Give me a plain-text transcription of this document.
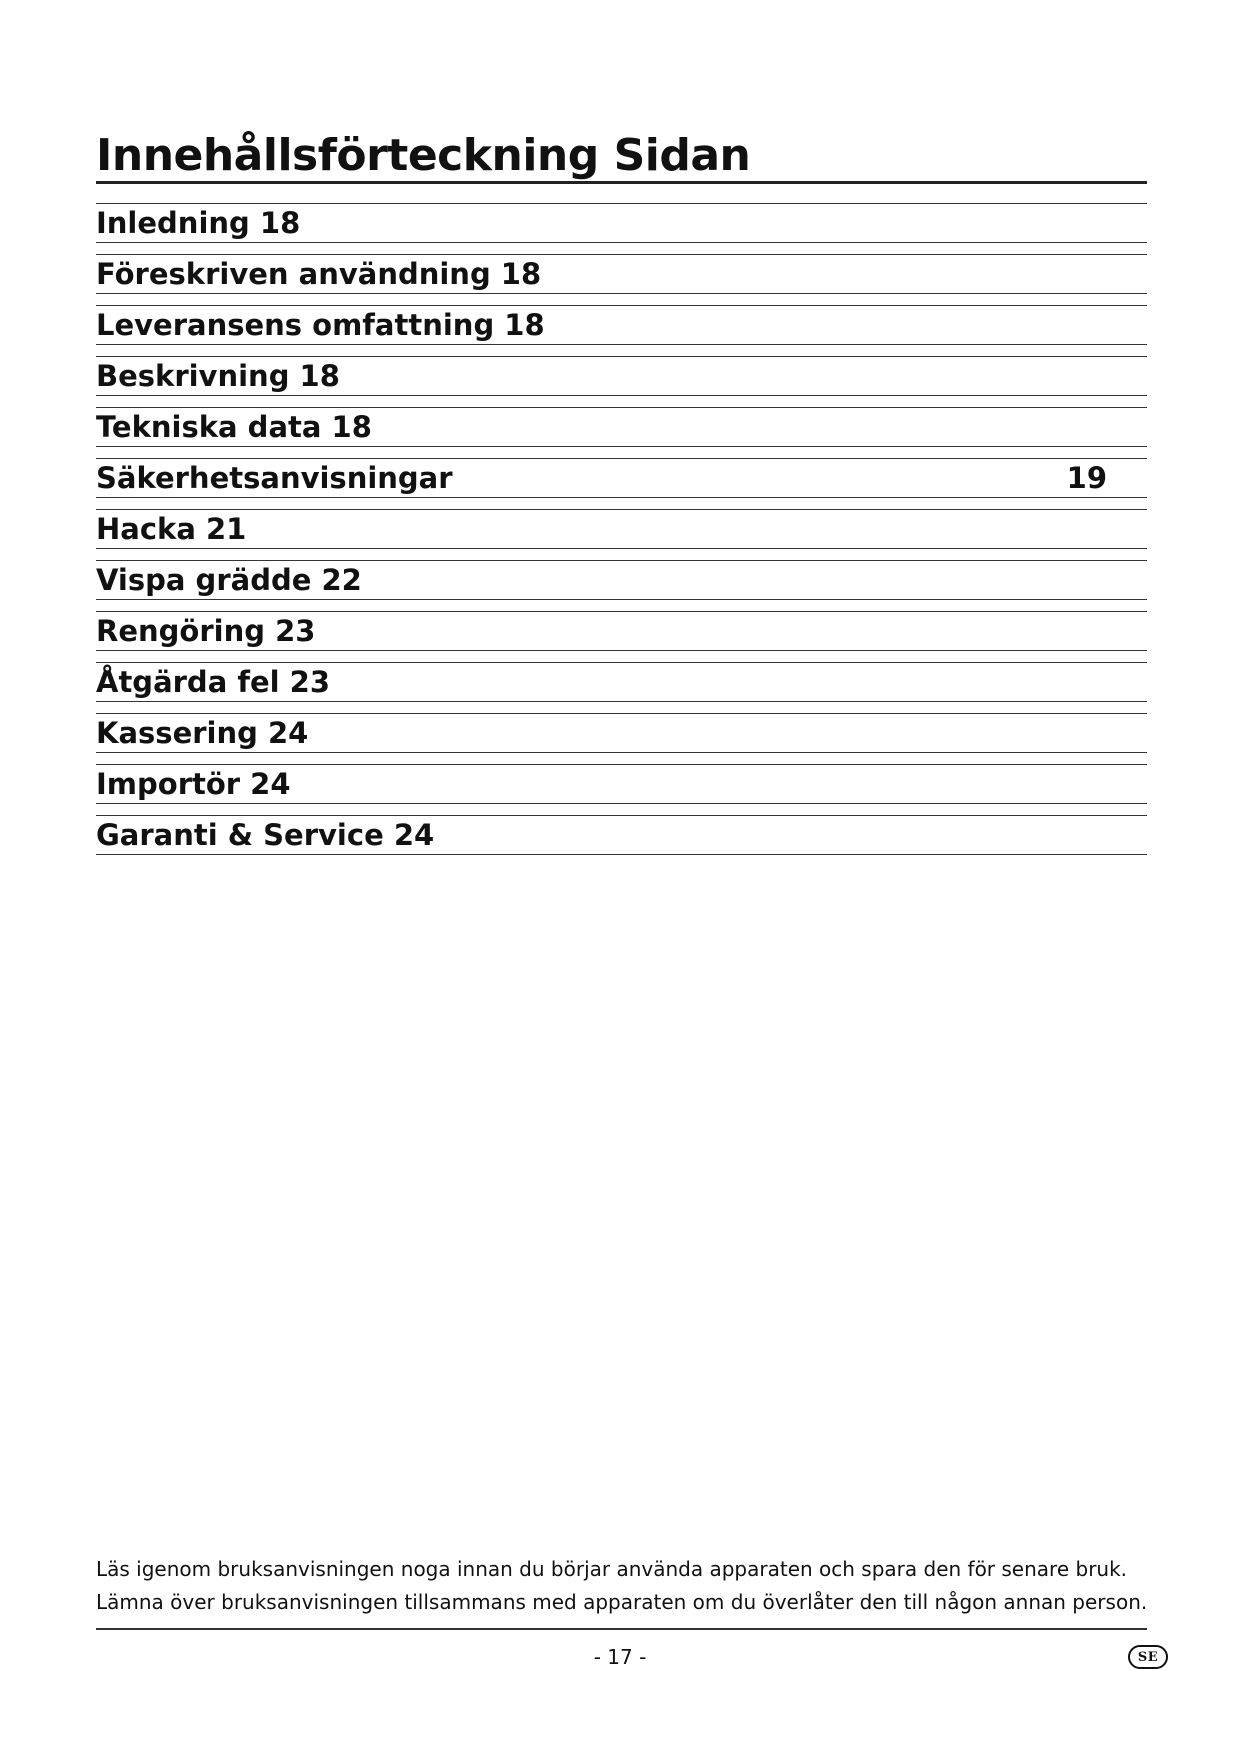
Innehållsförteckning Sidan
Inledning 18
Föreskriven användning 18
Leveransens omfattning 18
Beskrivning 18
Tekniska data 18
Säkerhetsanvisningar	19
Hacka 21
Vispa grädde 22
Rengöring 23
Åtgärda fel 23
Kassering 24
Importör 24
Garanti & Service 24

Läs igenom bruksanvisningen noga innan du börjar använda apparaten och spara den för senare bruk.

Lämna över bruksanvisningen tillsammans med apparaten om du överlåter den till någon annan person.

- 17 -	SE
